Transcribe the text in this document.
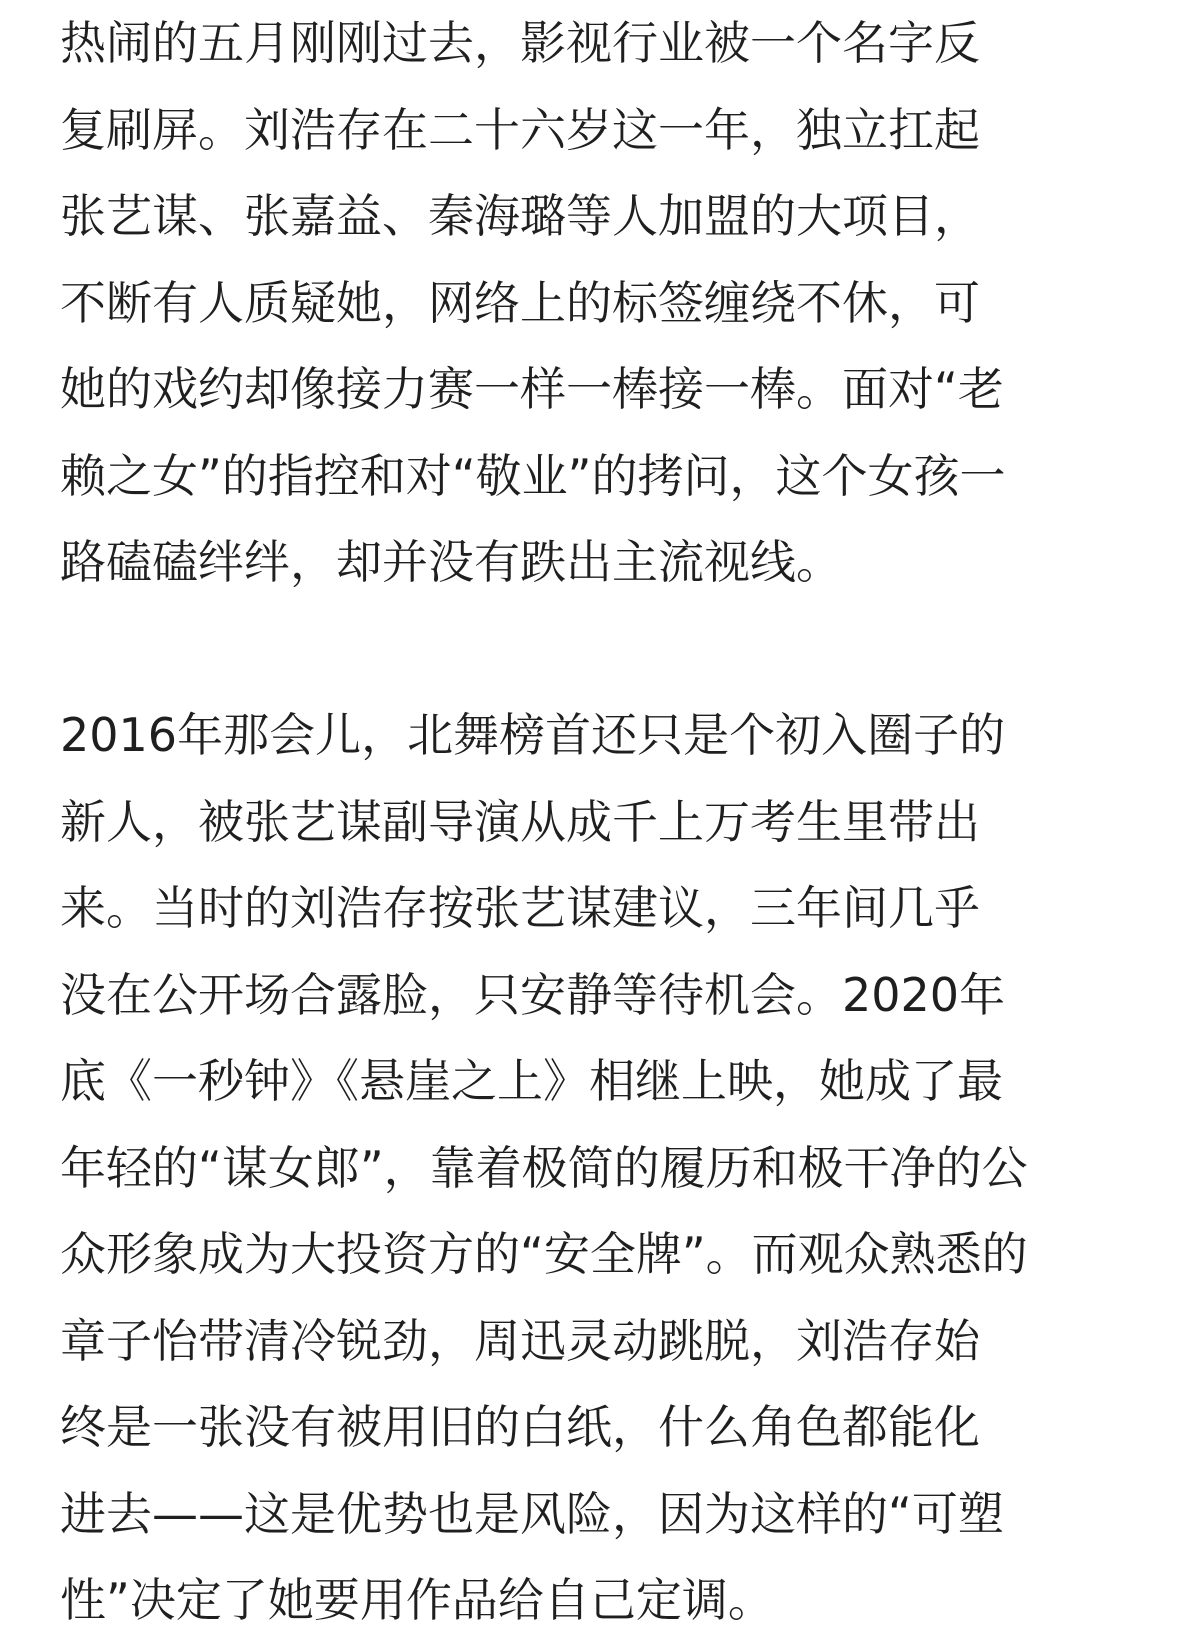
热闹的五月刚刚过去，影视行业被一个名字反
复刷屏。刘浩存在二十六岁这一年，独立扛起
张艺谋、张嘉益、秦海璐等人加盟的大项目，
不断有人质疑她，网络上的标签缠绕不休，可
她的戏约却像接力赛一样一棒接一棒。面对“老
赖之女”的指控和对“敬业”的拷问，这个女孩一
路磕磕绊绊，却并没有跌出主流视线。
2016年那会儿，北舞榜首还只是个初入圈子的
新人，被张艺谋副导演从成千上万考生里带出
来。当时的刘浩存按张艺谋建议，三年间几乎
没在公开场合露脸，只安静等待机会。2020年
底《一秒钟》《悬崖之上》相继上映，她成了最
年轻的“谋女郎”，靠着极简的履历和极干净的公
众形象成为大投资方的“安全牌”。而观众熟悉的
章子怡带清冷锐劲，周迅灵动跳脱，刘浩存始
终是一张没有被用旧的白纸，什么角色都能化
进去——这是优势也是风险，因为这样的“可塑
性”决定了她要用作品给自己定调。
